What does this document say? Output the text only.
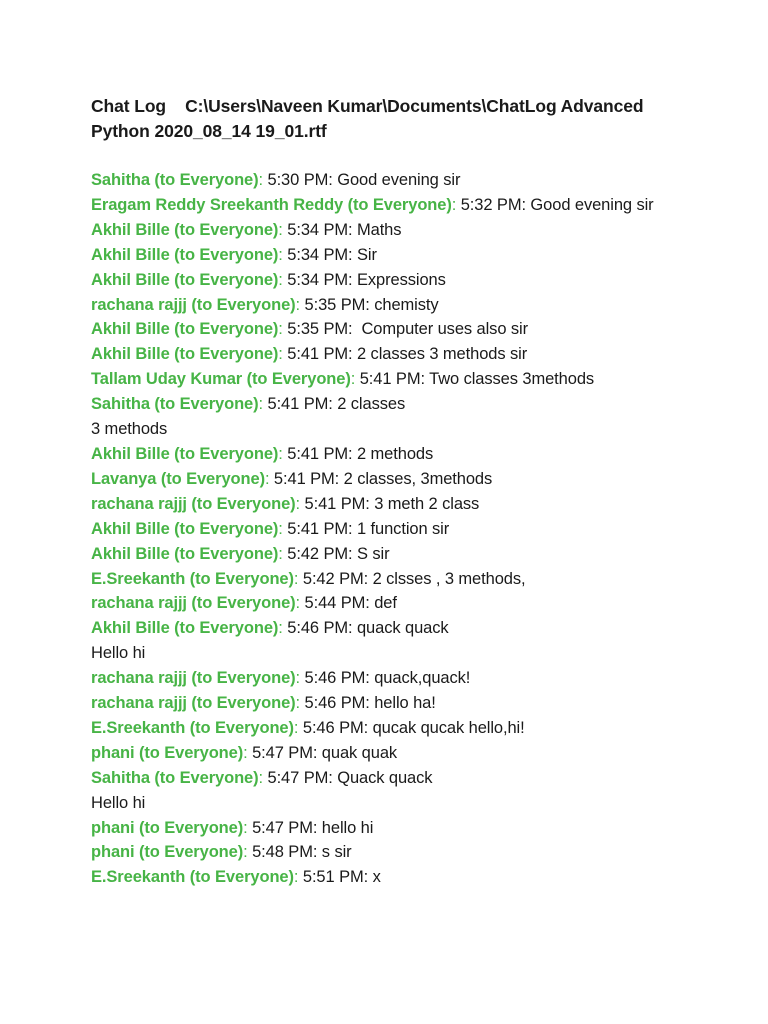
Chat Log    C:\Users\Naveen Kumar\Documents\ChatLog Advanced
Python 2020_08_14 19_01.rtf

Sahitha (to Everyone): 5:30 PM: Good evening sir

Eragam Reddy Sreekanth Reddy (to Everyone): 5:32 PM: Good evening sir

Akhil Bille (to Everyone): 5:34 PM: Maths

Akhil Bille (to Everyone): 5:34 PM: Sir

Akhil Bille (to Everyone): 5:34 PM: Expressions

rachana rajjj (to Everyone): 5:35 PM: chemisty

Akhil Bille (to Everyone): 5:35 PM:  Computer uses also sir

Akhil Bille (to Everyone): 5:41 PM: 2 classes 3 methods sir

Tallam Uday Kumar (to Everyone): 5:41 PM: Two classes 3methods

Sahitha (to Everyone): 5:41 PM: 2 classes
3 methods

Akhil Bille (to Everyone): 5:41 PM: 2 methods

Lavanya (to Everyone): 5:41 PM: 2 classes, 3methods

rachana rajjj (to Everyone): 5:41 PM: 3 meth 2 class

Akhil Bille (to Everyone): 5:41 PM: 1 function sir

Akhil Bille (to Everyone): 5:42 PM: S sir

E.Sreekanth (to Everyone): 5:42 PM: 2 clsses , 3 methods,

rachana rajjj (to Everyone): 5:44 PM: def

Akhil Bille (to Everyone): 5:46 PM: quack quack
Hello hi

rachana rajjj (to Everyone): 5:46 PM: quack,quack!

rachana rajjj (to Everyone): 5:46 PM: hello ha!

E.Sreekanth (to Everyone): 5:46 PM: qucak qucak hello,hi!

phani (to Everyone): 5:47 PM: quak quak

Sahitha (to Everyone): 5:47 PM: Quack quack
Hello hi

phani (to Everyone): 5:47 PM: hello hi

phani (to Everyone): 5:48 PM: s sir

E.Sreekanth (to Everyone): 5:51 PM: x
